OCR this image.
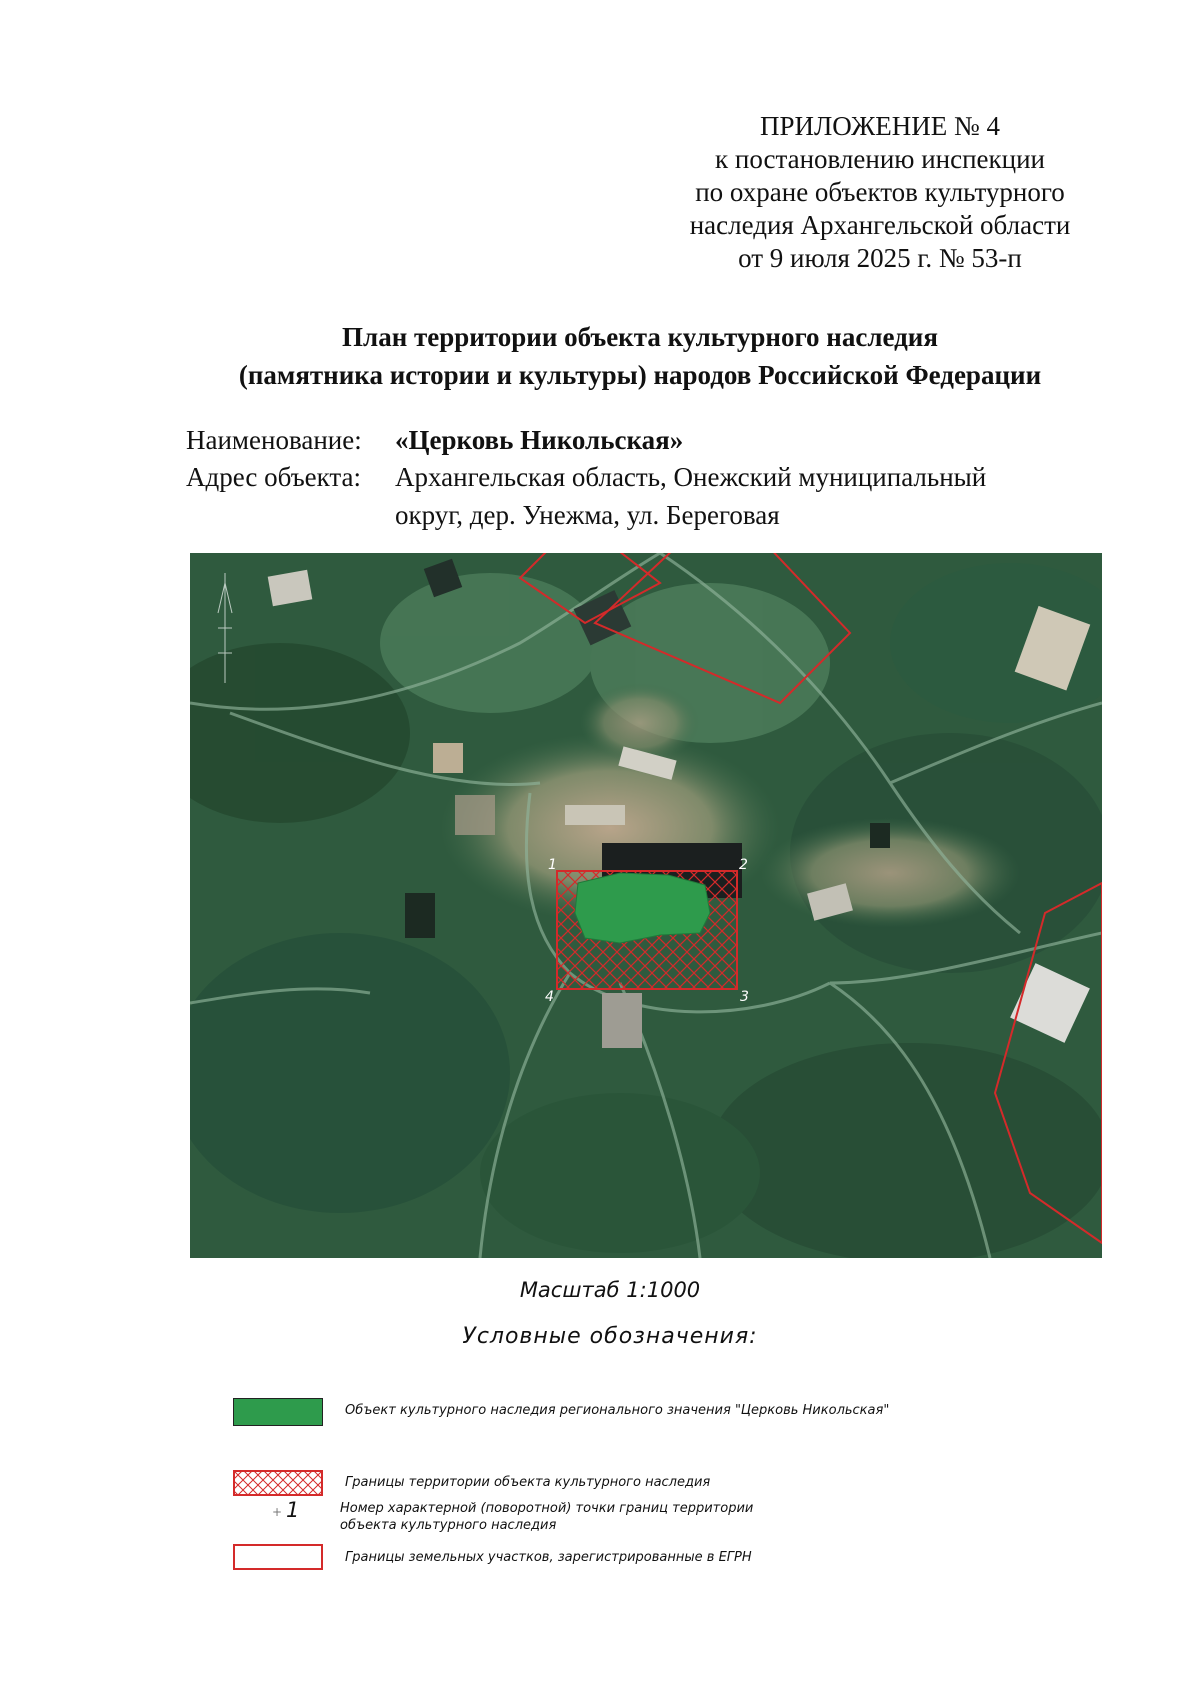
ПРИЛОЖЕНИЕ № 4
к постановлению инспекции
по охране объектов культурного
наследия Архангельской области
от 9 июля 2025 г. № 53-п
План территории объекта культурного наследия
(памятника истории и культуры) народов Российской Федерации
Наименование: «Церковь Никольская»
Адрес объекта: Архангельская область, Онежский муниципальный
округ, дер. Унежма, ул. Береговая
1	2
3
4
Масштаб 1:1000
Условные обозначения:
Объект культурного наследия регионального значения "Церковь Никольская"
Границы территории объекта культурного наследия
+ 1	Номер характерной (поворотной) точки границ территории
объекта культурного наследия
Границы земельных участков, зарегистрированные в ЕГРН
